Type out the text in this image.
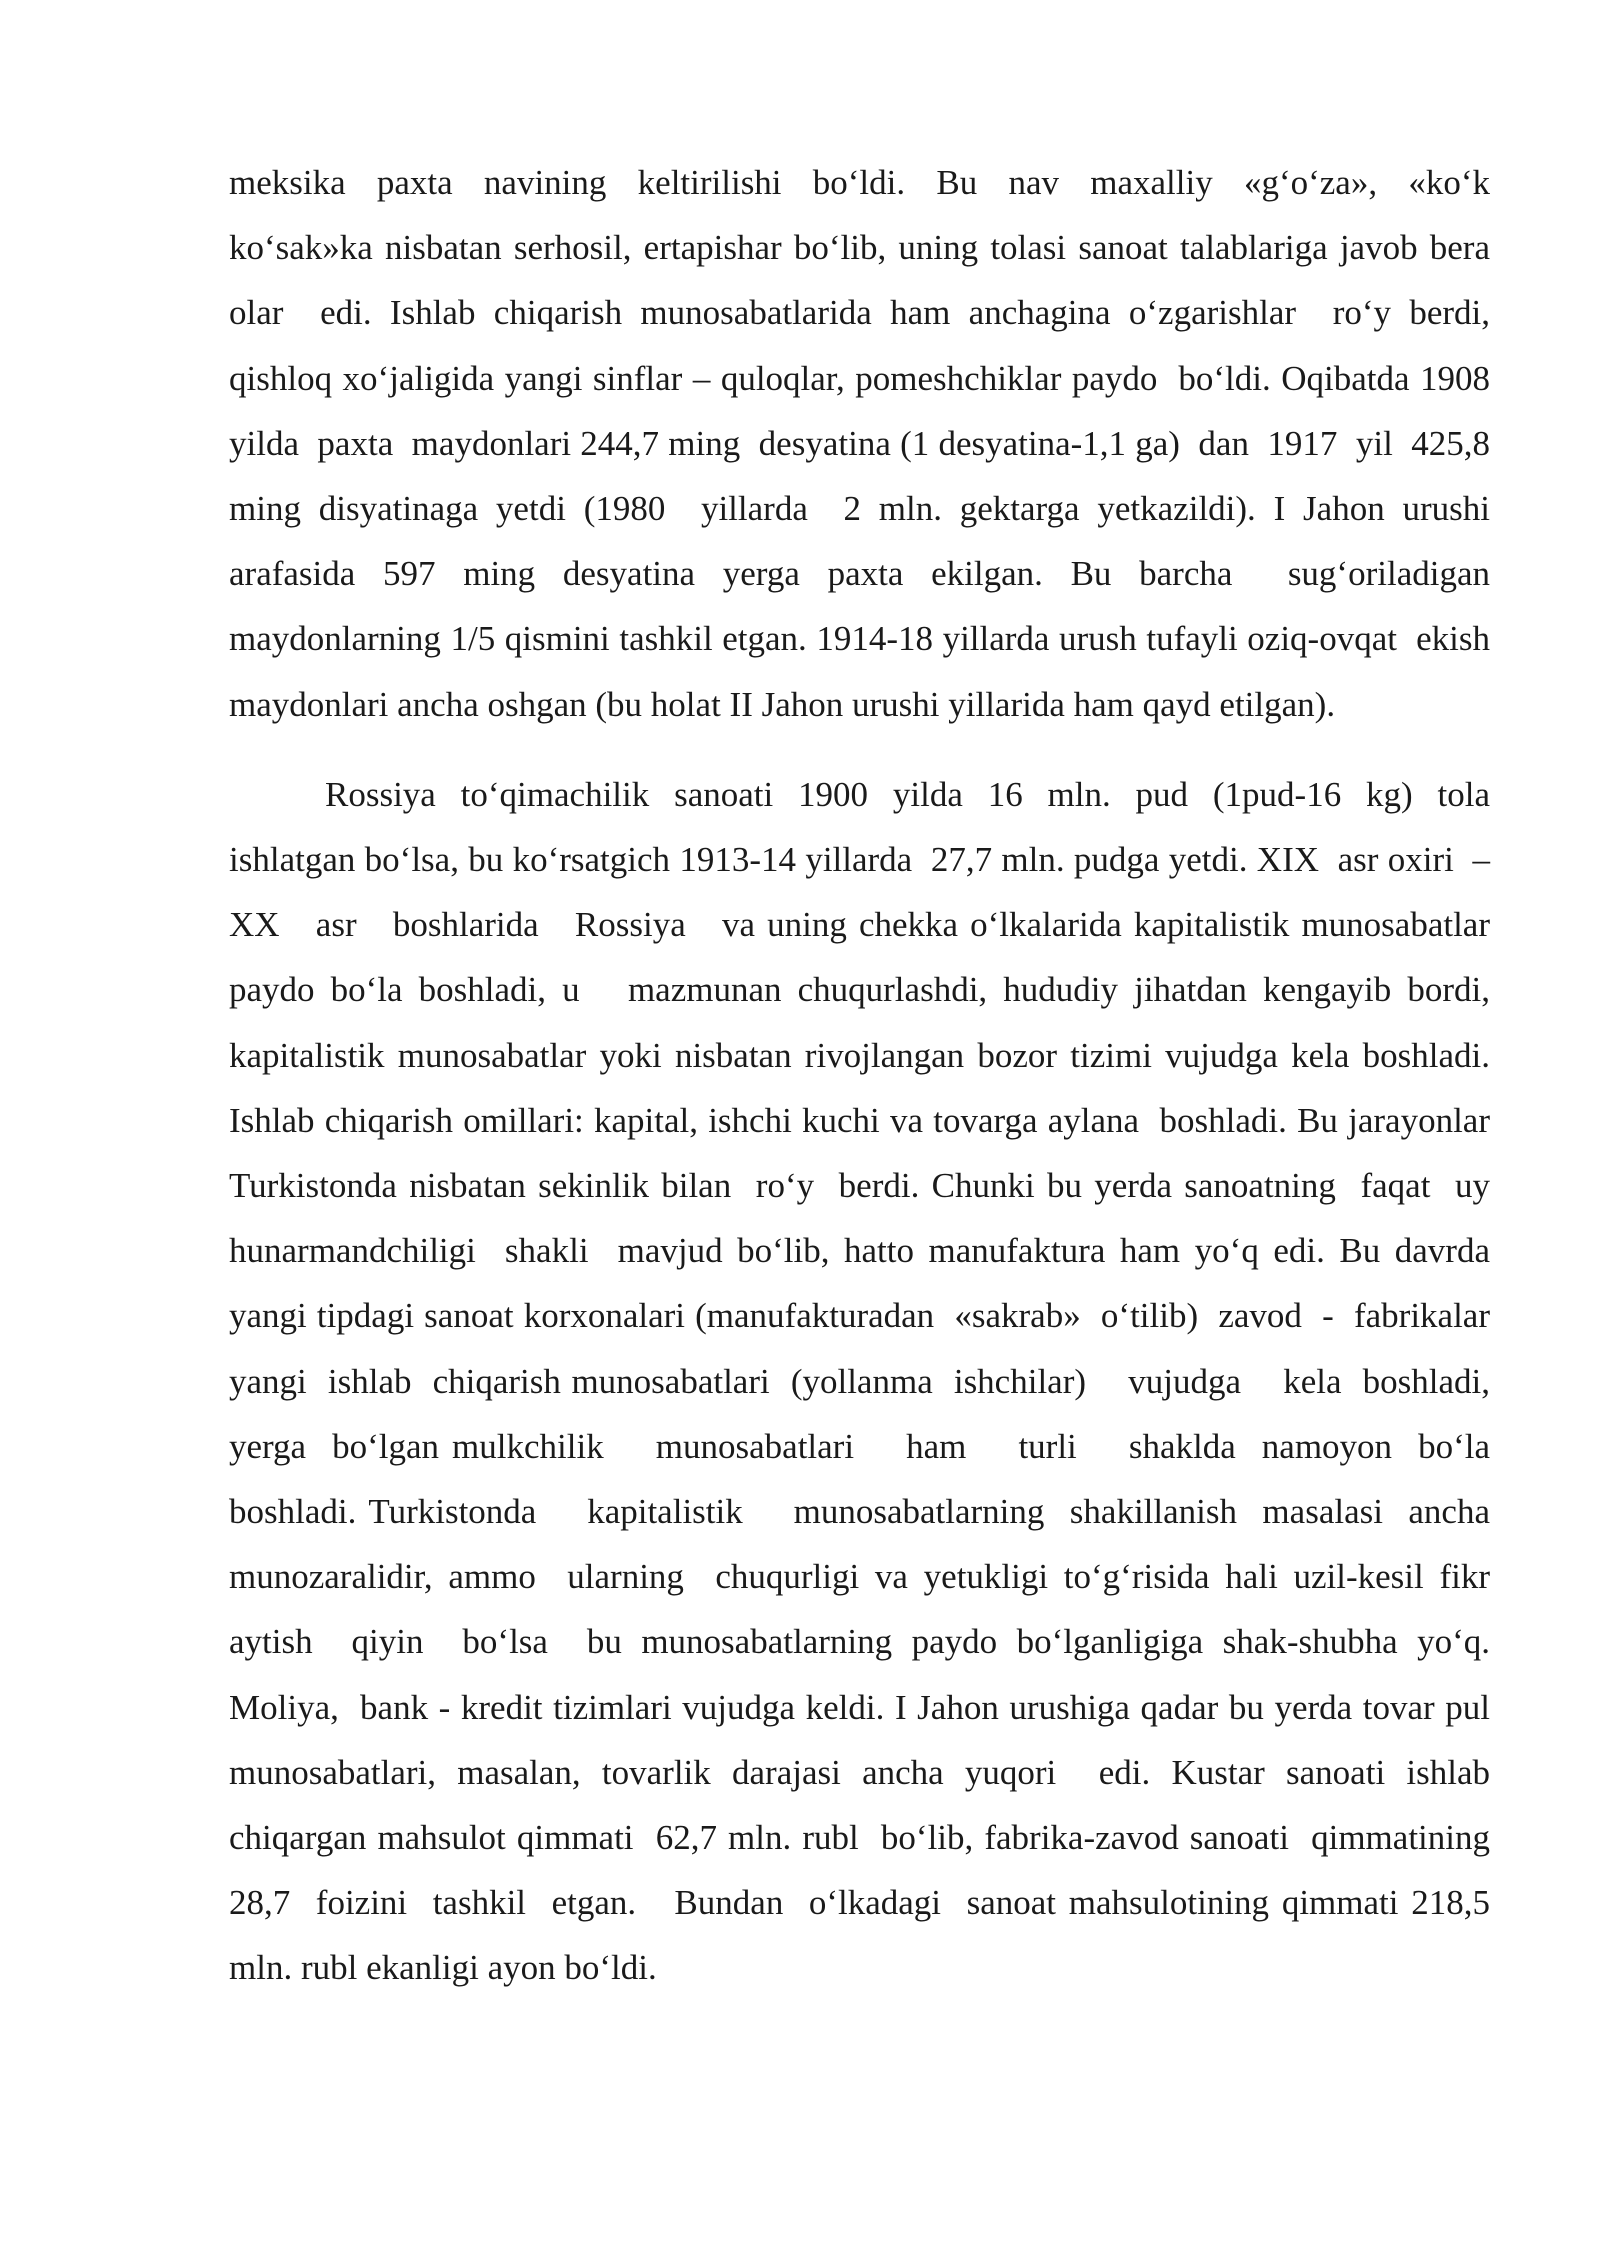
meksika  paxta  navining  keltirilishi  bo‘ldi.  Bu  nav  maxalliy  «g‘o‘za»,  «ko‘k ko‘sak»ka nisbatan serhosil, ertapishar bo‘lib, uning tolasi sanoat talablariga javob bera  olar  edi. Ishlab chiqarish munosabatlarida ham anchagina o‘zgarishlar  ro‘y berdi,  qishloq xo‘jaligida yangi sinflar – quloqlar, pomeshchiklar paydo  bo‘ldi. Oqibatda 1908  yilda  paxta  maydonlari 244,7 ming  desyatina (1 desyatina-1,1 ga)  dan  1917  yil  425,8  ming disyatinaga yetdi (1980  yillarda  2 mln. gektarga yetkazildi). I Jahon urushi arafasida 597 ming desyatina yerga paxta ekilgan. Bu barcha  sug‘oriladigan maydonlarning 1/5 qismini tashkil etgan. 1914-18 yillarda urush tufayli oziq-ovqat  ekish maydonlari ancha oshgan (bu holat II Jahon urushi yillarida ham qayd etilgan).

Rossiya  to‘qimachilik  sanoati  1900  yilda  16  mln.  pud  (1pud-16  kg)  tola ishlatgan bo‘lsa, bu ko‘rsatgich 1913-14 yillarda  27,7 mln. pudga yetdi. XIX  asr oxiri  –  XX   asr   boshlarida   Rossiya   va uning chekka o‘lkalarida kapitalistik munosabatlar paydo bo‘la boshladi, u   mazmunan chuqurlashdi, hududiy jihatdan kengayib bordi, kapitalistik munosabatlar yoki nisbatan rivojlangan bozor tizimi vujudga kela boshladi. Ishlab chiqarish omillari: kapital, ishchi kuchi va tovarga aylana  boshladi. Bu jarayonlar Turkistonda nisbatan sekinlik bilan  ro‘y  berdi. Chunki bu yerda sanoatning  faqat  uy  hunarmandchiligi  shakli  mavjud bo‘lib, hatto manufaktura ham yo‘q edi. Bu davrda yangi tipdagi sanoat korxonalari (manufakturadan  «sakrab»  o‘tilib)  zavod  -  fabrikalar  yangi  ishlab  chiqarish munosabatlari  (yollanma  ishchilar)    vujudga    kela  boshladi,  yerga  bo‘lgan mulkchilik    munosabatlari    ham    turli    shaklda  namoyon  bo‘la  boshladi. Turkistonda    kapitalistik    munosabatlarning  shakillanish  masalasi  ancha munozaralidir, ammo  ularning  chuqurligi va yetukligi to‘g‘risida hali uzil-kesil fikr  aytish  qiyin  bo‘lsa  bu munosabatlarning paydo bo‘lganligiga shak-shubha yo‘q.  Moliya,  bank - kredit tizimlari vujudga keldi. I Jahon urushiga qadar bu yerda tovar pul munosabatlari, masalan, tovarlik darajasi ancha yuqori  edi. Kustar sanoati ishlab chiqargan mahsulot qimmati  62,7 mln. rubl  bo‘lib, fabrika-zavod sanoati  qimmatining  28,7  foizini  tashkil  etgan.   Bundan  o‘lkadagi  sanoat mahsulotining qimmati 218,5 mln. rubl ekanligi ayon bo‘ldi.
